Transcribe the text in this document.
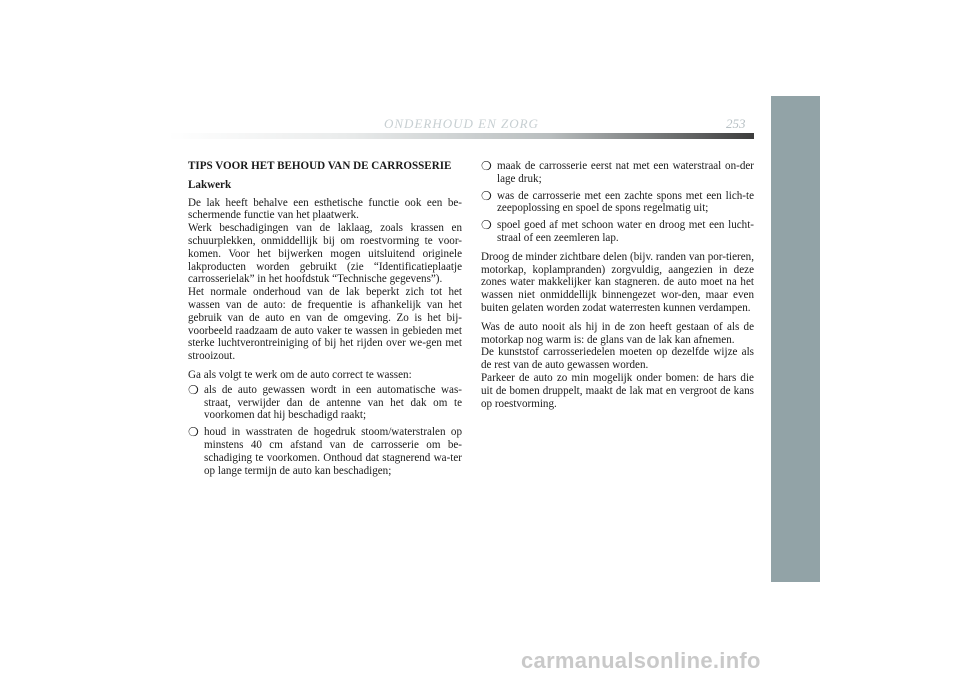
ONDERHOUD EN ZORG	253
TIPS VOOR HET BEHOUD VAN DE CARROSSERIE
Lakwerk

De lak heeft behalve een esthetische functie ook een be-schermende functie van het plaatwerk.

Werk beschadigingen van de laklaag, zoals krassen en schuurplekken, onmiddellijk bij om roestvorming te voor-komen. Voor het bijwerken mogen uitsluitend originele lakproducten worden gebruikt (zie “Identificatieplaatje carrosserielak” in het hoofdstuk “Technische gegevens”).

Het normale onderhoud van de lak beperkt zich tot het wassen van de auto: de frequentie is afhankelijk van het gebruik van de auto en van de omgeving. Zo is het bij-voorbeeld raadzaam de auto vaker te wassen in gebieden met sterke luchtverontreiniging of bij het rijden over we-gen met strooizout.

Ga als volgt te werk om de auto correct te wassen:

❍ als de auto gewassen wordt in een automatische was-straat, verwijder dan de antenne van het dak om te voorkomen dat hij beschadigd raakt;
❍ houd in wasstraten de hogedruk stoom/waterstralen op minstens 40 cm afstand van de carrosserie om be-schadiging te voorkomen. Onthoud dat stagnerend wa-ter op lange termijn de auto kan beschadigen;
❍ maak de carrosserie eerst nat met een waterstraal on-der lage druk;
❍ was de carrosserie met een zachte spons met een lich-te zeepoplossing en spoel de spons regelmatig uit;
❍ spoel goed af met schoon water en droog met een lucht-straal of een zeemleren lap.

Droog de minder zichtbare delen (bijv. randen van por-tieren, motorkap, koplampranden) zorgvuldig, aangezien in deze zones water makkelijker kan stagneren. de auto moet na het wassen niet onmiddellijk binnengezet wor-den, maar even buiten gelaten worden zodat waterresten kunnen verdampen.

Was de auto nooit als hij in de zon heeft gestaan of als de motorkap nog warm is: de glans van de lak kan afnemen.

De kunststof carrosseriedelen moeten op dezelfde wijze als de rest van de auto gewassen worden.

Parkeer de auto zo min mogelijk onder bomen: de hars die uit de bomen druppelt, maakt de lak mat en vergroot de kans op roestvorming.

carmanualsonline.info
